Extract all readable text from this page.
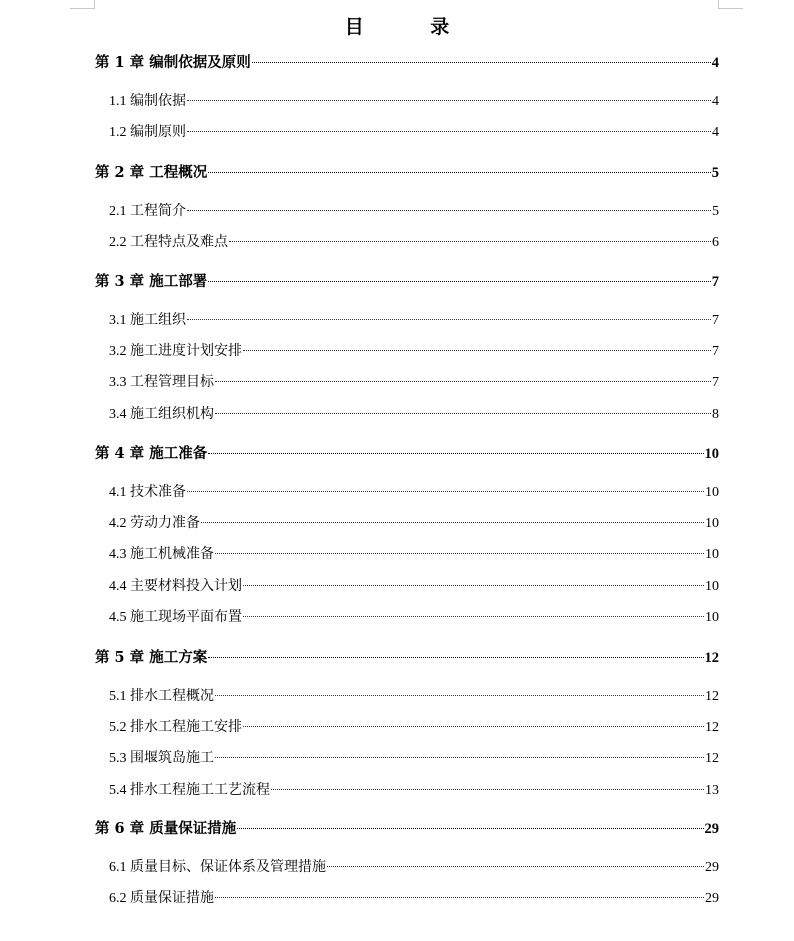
目 录
第 1 章 编制依据及原则	4
1.1 编制依据	4
1.2 编制原则	4
第 2 章 工程概况	5
2.1 工程简介	5
2.2 工程特点及难点	6
第 3 章 施工部署	7
3.1 施工组织	7
3.2 施工进度计划安排	7
3.3 工程管理目标	7
3.4 施工组织机构	8
第 4 章 施工准备	10
4.1 技术准备	10
4.2 劳动力准备	10
4.3 施工机械准备	10
4.4 主要材料投入计划	10
4.5 施工现场平面布置	10
第 5 章 施工方案	12
5.1 排水工程概况	12
5.2 排水工程施工安排	12
5.3 围堰筑岛施工	12
5.4 排水工程施工工艺流程	13
第 6 章 质量保证措施	29
6.1 质量目标、保证体系及管理措施	29
6.2 质量保证措施	29
